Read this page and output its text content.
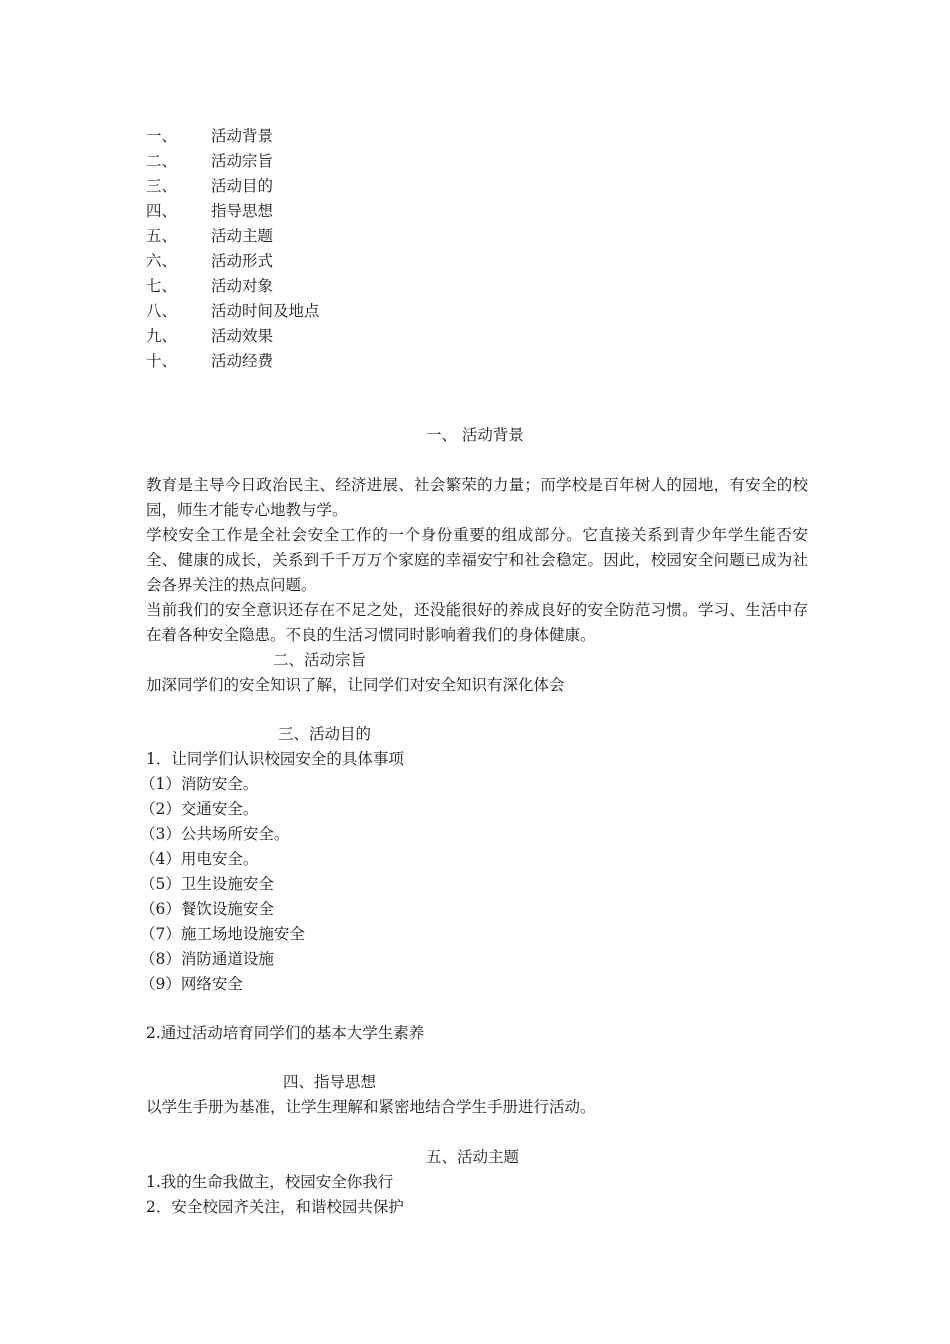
一、 活动背景
二、 活动宗旨
三、 活动目的
四、 指导思想
五、 活动主题
六、 活动形式
七、 活动对象
八、 活动时间及地点
九、 活动效果
十、 活动经费
一、 活动背景
教育是主导今日政治民主、经济进展、社会繁荣的力量；而学校是百年树人的园地，有安全的校园，师生才能专心地教与学。
学校安全工作是全社会安全工作的一个身份重要的组成部分。它直接关系到青少年学生能否安全、健康的成长，关系到千千万万个家庭的幸福安宁和社会稳定。因此，校园安全问题已成为社会各界关注的热点问题。
当前我们的安全意识还存在不足之处，还没能很好的养成良好的安全防范习惯。学习、生活中存在着各种安全隐患。不良的生活习惯同时影响着我们的身体健康。
二、活动宗旨
加深同学们的安全知识了解，让同学们对安全知识有深化体会
三、活动目的
1．让同学们认识校园安全的具体事项
（1）消防安全。
（2）交通安全。
（3）公共场所安全。
（4）用电安全。
（5）卫生设施安全
（6）餐饮设施安全
（7）施工场地设施安全
（8）消防通道设施
（9）网络安全
2.通过活动培育同学们的基本大学生素养
四、指导思想
以学生手册为基准，让学生理解和紧密地结合学生手册进行活动。
五、活动主题
1.我的生命我做主，校园安全你我行
2．安全校园齐关注，和谐校园共保护
